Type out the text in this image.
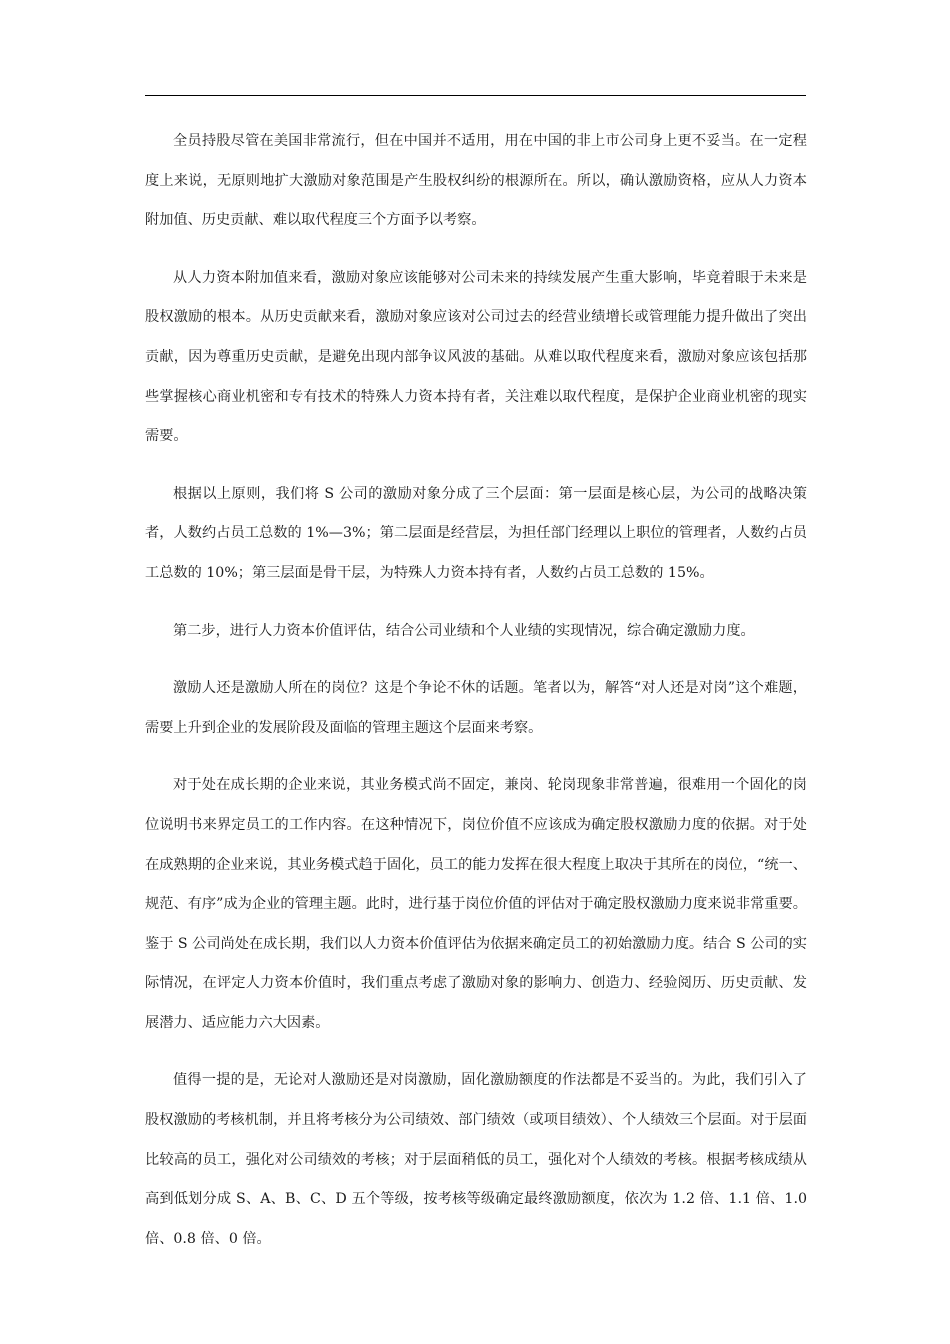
全员持股尽管在美国非常流行，但在中国并不适用，用在中国的非上市公司身上更不妥当。在一定程度上来说，无原则地扩大激励对象范围是产生股权纠纷的根源所在。所以，确认激励资格，应从人力资本附加值、历史贡献、难以取代程度三个方面予以考察。

从人力资本附加值来看，激励对象应该能够对公司未来的持续发展产生重大影响，毕竟着眼于未来是股权激励的根本。从历史贡献来看，激励对象应该对公司过去的经营业绩增长或管理能力提升做出了突出贡献，因为尊重历史贡献，是避免出现内部争议风波的基础。从难以取代程度来看，激励对象应该包括那些掌握核心商业机密和专有技术的特殊人力资本持有者，关注难以取代程度，是保护企业商业机密的现实需要。

根据以上原则，我们将 S 公司的激励对象分成了三个层面：第一层面是核心层，为公司的战略决策者，人数约占员工总数的 1%—3%；第二层面是经营层，为担任部门经理以上职位的管理者，人数约占员工总数的 10%；第三层面是骨干层，为特殊人力资本持有者，人数约占员工总数的 15%。

第二步，进行人力资本价值评估，结合公司业绩和个人业绩的实现情况，综合确定激励力度。

激励人还是激励人所在的岗位？这是个争论不休的话题。笔者以为，解答“对人还是对岗”这个难题，需要上升到企业的发展阶段及面临的管理主题这个层面来考察。

对于处在成长期的企业来说，其业务模式尚不固定，兼岗、轮岗现象非常普遍，很难用一个固化的岗位说明书来界定员工的工作内容。在这种情况下，岗位价值不应该成为确定股权激励力度的依据。对于处在成熟期的企业来说，其业务模式趋于固化，员工的能力发挥在很大程度上取决于其所在的岗位，“统一、规范、有序”成为企业的管理主题。此时，进行基于岗位价值的评估对于确定股权激励力度来说非常重要。鉴于 S 公司尚处在成长期，我们以人力资本价值评估为依据来确定员工的初始激励力度。结合 S 公司的实际情况，在评定人力资本价值时，我们重点考虑了激励对象的影响力、创造力、经验阅历、历史贡献、发展潜力、适应能力六大因素。

值得一提的是，无论对人激励还是对岗激励，固化激励额度的作法都是不妥当的。为此，我们引入了股权激励的考核机制，并且将考核分为公司绩效、部门绩效（或项目绩效）、个人绩效三个层面。对于层面比较高的员工，强化对公司绩效的考核；对于层面稍低的员工，强化对个人绩效的考核。根据考核成绩从高到低划分成 S、A、B、C、D 五个等级，按考核等级确定最终激励额度，依次为 1.2 倍、1.1 倍、1.0 倍、0.8 倍、0 倍。
